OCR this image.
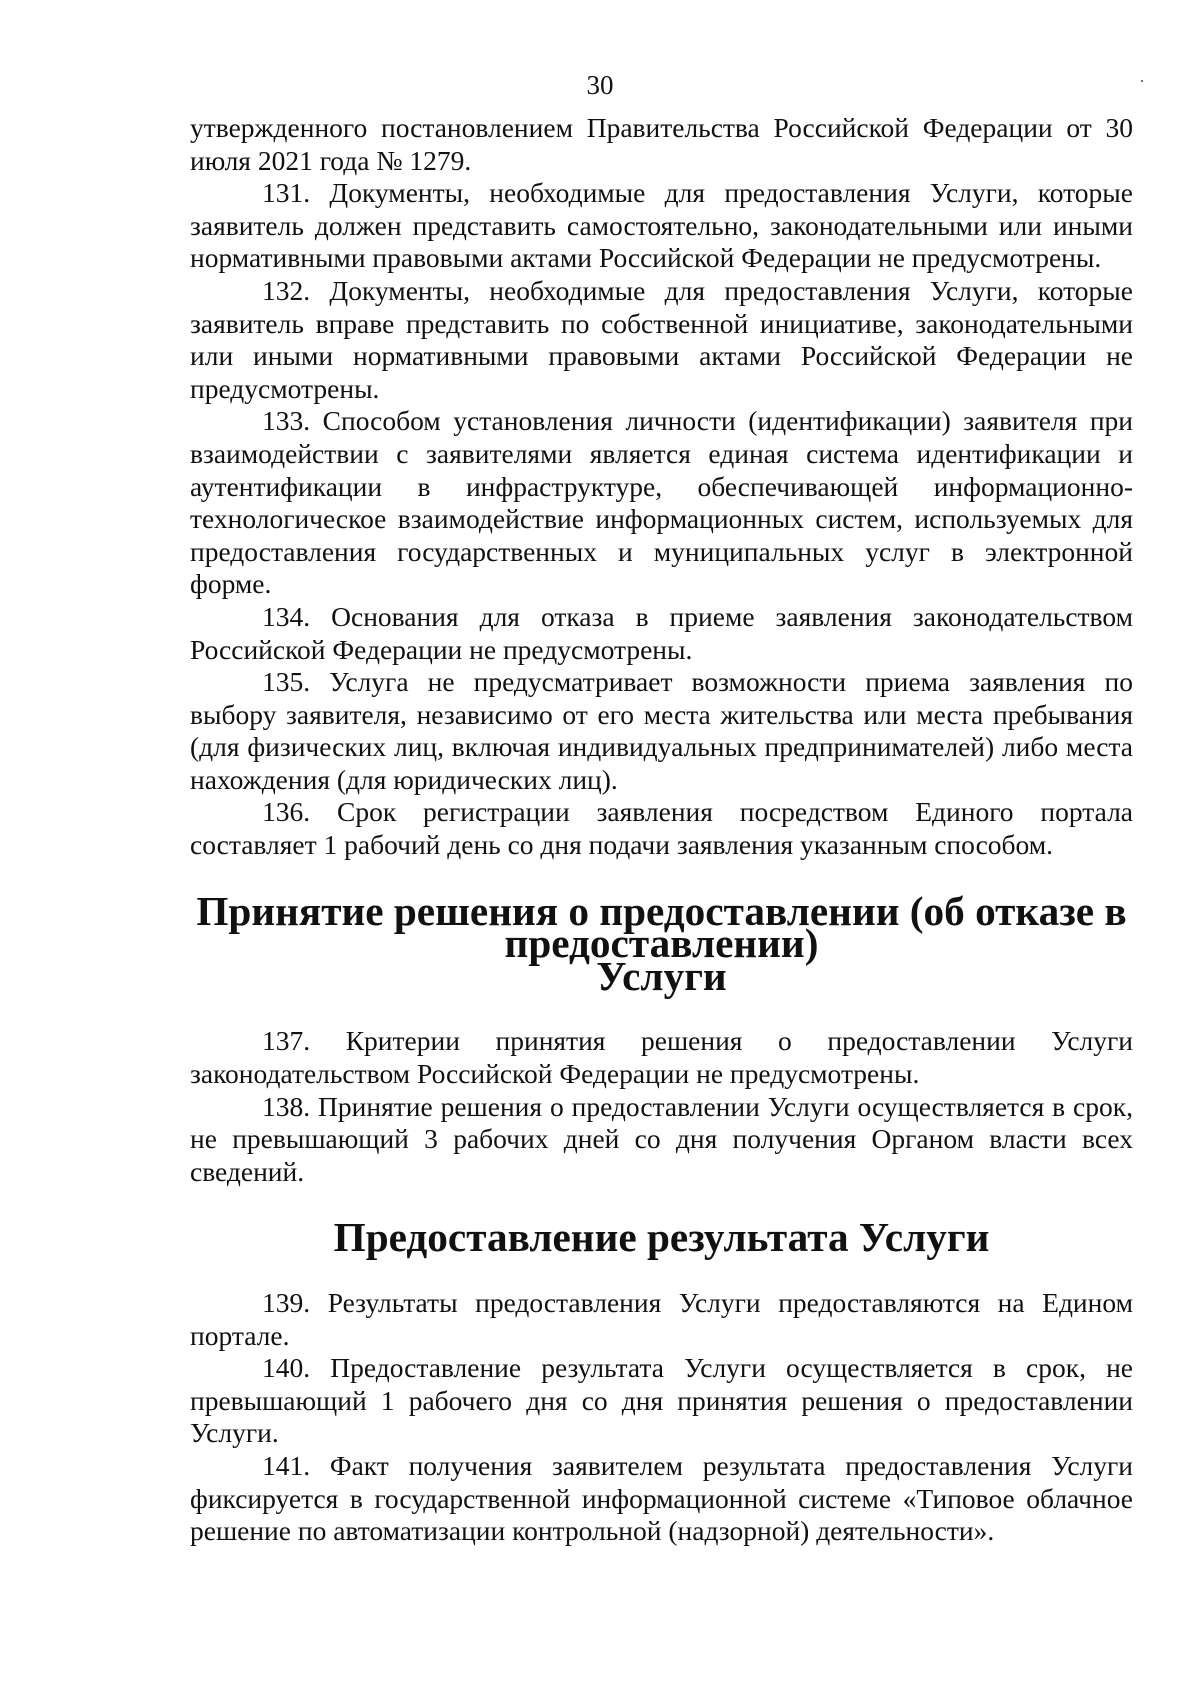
30

утвержденного постановлением Правительства Российской Федерации от 30 июля 2021 года № 1279.

131. Документы, необходимые для предоставления Услуги, которые заявитель должен представить самостоятельно, законодательными или иными нормативными правовыми актами Российской Федерации не предусмотрены.

132. Документы, необходимые для предоставления Услуги, которые заявитель вправе представить по собственной инициативе, законодательными или иными нормативными правовыми актами Российской Федерации не предусмотрены.

133. Способом установления личности (идентификации) заявителя при взаимодействии с заявителями является единая система идентификации и аутентификации в инфраструктуре, обеспечивающей информационно-технологическое взаимодействие информационных систем, используемых для предоставления государственных и муниципальных услуг в электронной форме.

134. Основания для отказа в приеме заявления законодательством Российской Федерации не предусмотрены.

135. Услуга не предусматривает возможности приема заявления по выбору заявителя, независимо от его места жительства или места пребывания (для физических лиц, включая индивидуальных предпринимателей) либо места нахождения (для юридических лиц).

136. Срок регистрации заявления посредством Единого портала составляет 1 рабочий день со дня подачи заявления указанным способом.

Принятие решения о предоставлении (об отказе в предоставлении)
Услуги

137. Критерии принятия решения о предоставлении Услуги законодательством Российской Федерации не предусмотрены.

138. Принятие решения о предоставлении Услуги осуществляется в срок, не превышающий 3 рабочих дней со дня получения Органом власти всех сведений.

Предоставление результата Услуги

139. Результаты предоставления Услуги предоставляются на Едином портале.

140. Предоставление результата Услуги осуществляется в срок, не превышающий 1 рабочего дня со дня принятия решения о предоставлении Услуги.

141. Факт получения заявителем результата предоставления Услуги фиксируется в государственной информационной системе «Типовое облачное решение по автоматизации контрольной (надзорной) деятельности».
